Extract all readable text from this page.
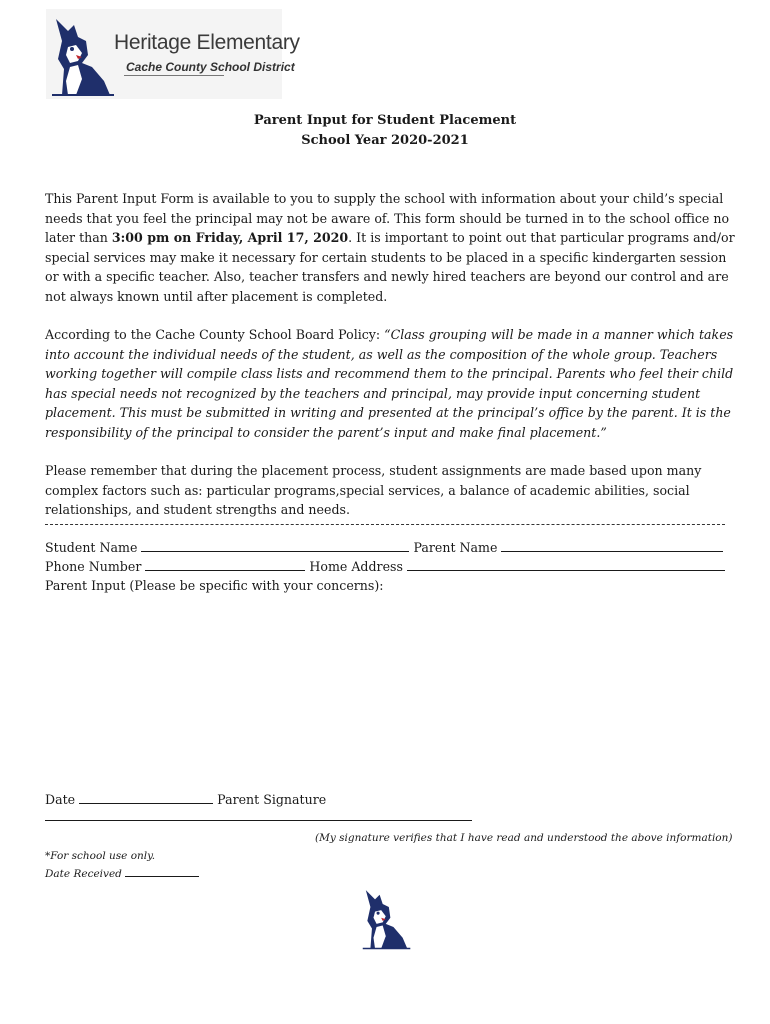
Heritage Elementary
Cache County School District
Parent Input for Student Placement
School Year 2020-2021

This Parent Input Form is available to you to supply the school with information about your child’s special needs that you feel the principal may not be aware of. This form should be turned in to the school office no later than 3:00 pm on Friday, April 17, 2020. It is important to point out that particular programs and/or special services may make it necessary for certain students to be placed in a specific kindergarten session or with a specific teacher. Also, teacher transfers and newly hired teachers are beyond our control and are not always known until after placement is completed.

According to the Cache County School Board Policy: “Class grouping will be made in a manner which takes into account the individual needs of the student, as well as the composition of the whole group. Teachers working together will compile class lists and recommend them to the principal. Parents who feel their child has special needs not recognized by the teachers and principal, may provide input concerning student placement. This must be submitted in writing and presented at the principal’s office by the parent. It is the responsibility of the principal to consider the parent’s input and make final placement.”

Please remember that during the placement process, student assignments are made based upon many complex factors such as: particular programs,special services, a balance of academic abilities, social relationships, and student strengths and needs.

Student Name	Parent Name
Phone Number	Home Address
Parent Input (Please be specific with your concerns):
Date	Parent Signature
(My signature verifies that I have read and understood the above information)
*For school use only.
Date Received
